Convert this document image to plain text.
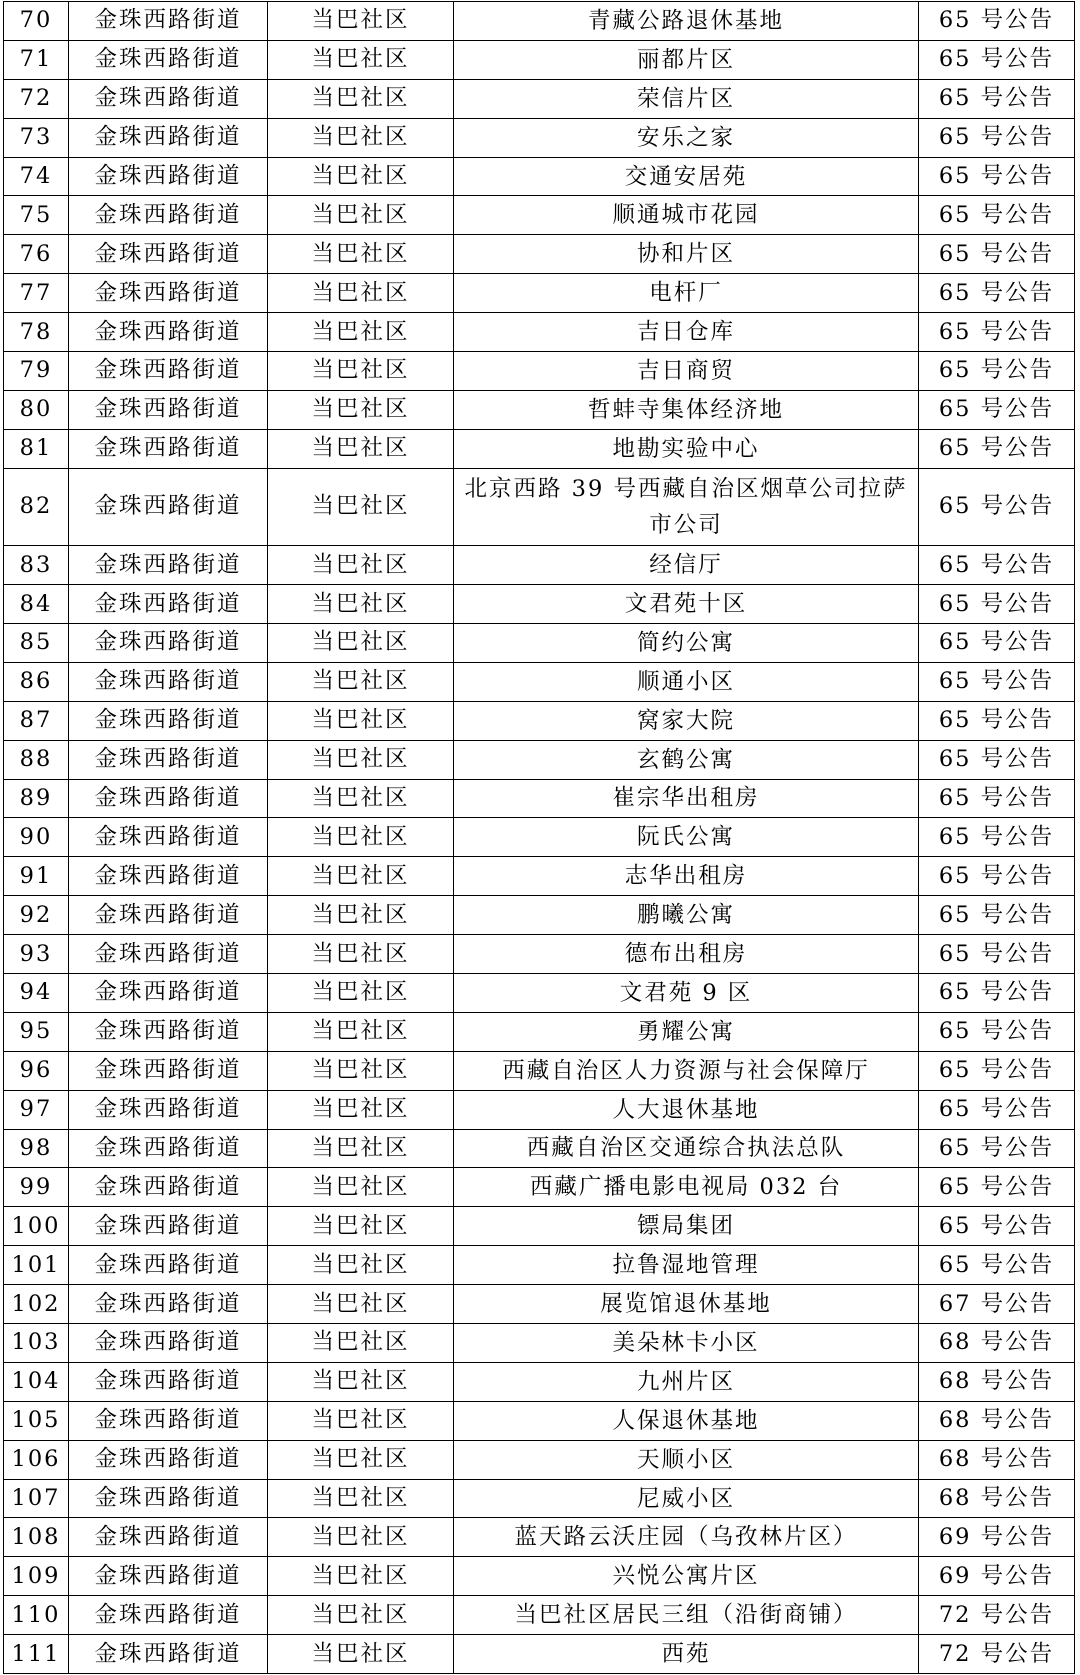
70	金珠西路街道	当巴社区	青藏公路退休基地	65 号公告
71	金珠西路街道	当巴社区	丽都片区	65 号公告
72	金珠西路街道	当巴社区	荣信片区	65 号公告
73	金珠西路街道	当巴社区	安乐之家	65 号公告
74	金珠西路街道	当巴社区	交通安居苑	65 号公告
75	金珠西路街道	当巴社区	顺通城市花园	65 号公告
76	金珠西路街道	当巴社区	协和片区	65 号公告
77	金珠西路街道	当巴社区	电杆厂	65 号公告
78	金珠西路街道	当巴社区	吉日仓库	65 号公告
79	金珠西路街道	当巴社区	吉日商贸	65 号公告
80	金珠西路街道	当巴社区	哲蚌寺集体经济地	65 号公告
81	金珠西路街道	当巴社区	地勘实验中心	65 号公告
82	金珠西路街道	当巴社区	北京西路 39 号西藏自治区烟草公司拉萨市公司	65 号公告
83	金珠西路街道	当巴社区	经信厅	65 号公告
84	金珠西路街道	当巴社区	文君苑十区	65 号公告
85	金珠西路街道	当巴社区	简约公寓	65 号公告
86	金珠西路街道	当巴社区	顺通小区	65 号公告
87	金珠西路街道	当巴社区	窝家大院	65 号公告
88	金珠西路街道	当巴社区	玄鹤公寓	65 号公告
89	金珠西路街道	当巴社区	崔宗华出租房	65 号公告
90	金珠西路街道	当巴社区	阮氏公寓	65 号公告
91	金珠西路街道	当巴社区	志华出租房	65 号公告
92	金珠西路街道	当巴社区	鹏曦公寓	65 号公告
93	金珠西路街道	当巴社区	德布出租房	65 号公告
94	金珠西路街道	当巴社区	文君苑 9 区	65 号公告
95	金珠西路街道	当巴社区	勇耀公寓	65 号公告
96	金珠西路街道	当巴社区	西藏自治区人力资源与社会保障厅	65 号公告
97	金珠西路街道	当巴社区	人大退休基地	65 号公告
98	金珠西路街道	当巴社区	西藏自治区交通综合执法总队	65 号公告
99	金珠西路街道	当巴社区	西藏广播电影电视局 032 台	65 号公告
100	金珠西路街道	当巴社区	镖局集团	65 号公告
101	金珠西路街道	当巴社区	拉鲁湿地管理	65 号公告
102	金珠西路街道	当巴社区	展览馆退休基地	67 号公告
103	金珠西路街道	当巴社区	美朵林卡小区	68 号公告
104	金珠西路街道	当巴社区	九州片区	68 号公告
105	金珠西路街道	当巴社区	人保退休基地	68 号公告
106	金珠西路街道	当巴社区	天顺小区	68 号公告
107	金珠西路街道	当巴社区	尼威小区	68 号公告
108	金珠西路街道	当巴社区	蓝天路云沃庄园（乌孜林片区）	69 号公告
109	金珠西路街道	当巴社区	兴悦公寓片区	69 号公告
110	金珠西路街道	当巴社区	当巴社区居民三组（沿街商铺）	72 号公告
111	金珠西路街道	当巴社区	西苑	72 号公告
